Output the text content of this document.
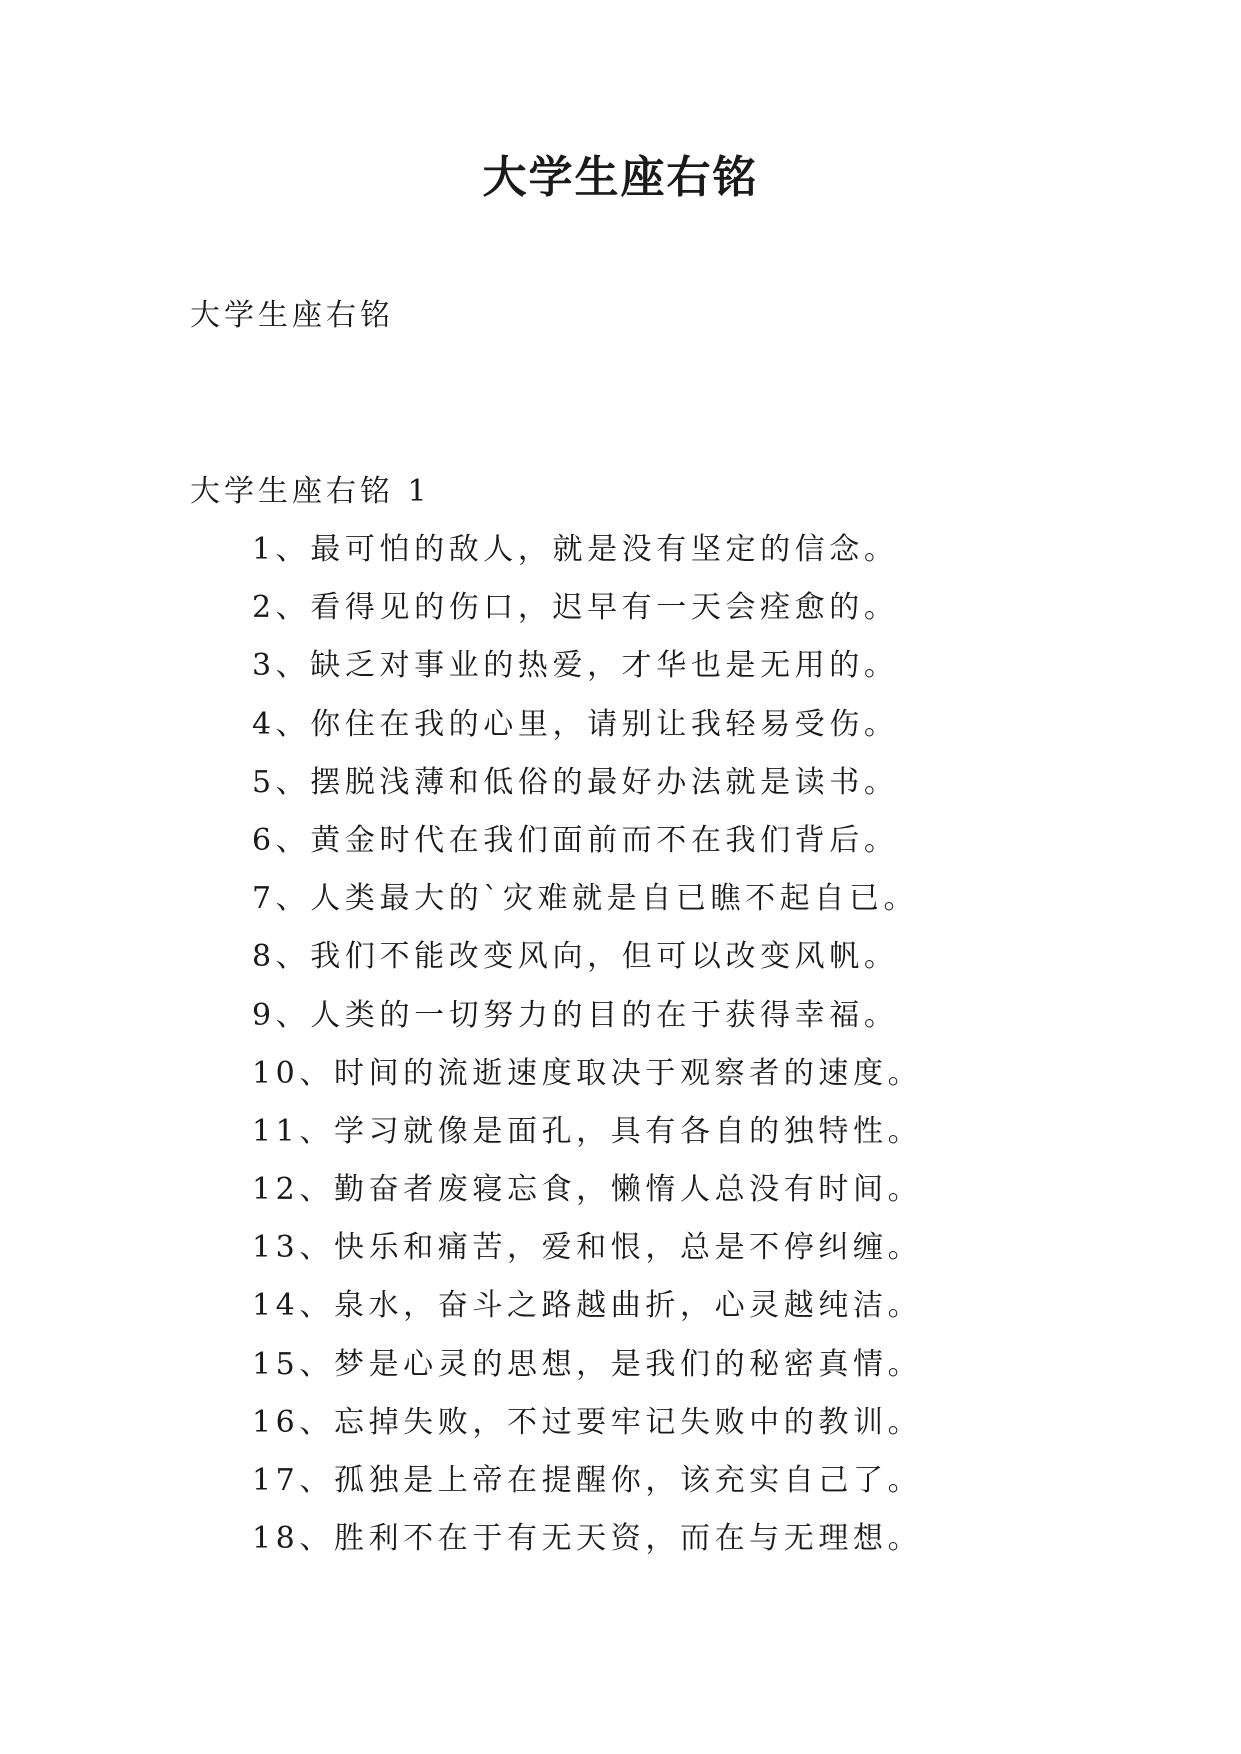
大学生座右铭

大学生座右铭

大学生座右铭 1

1、最可怕的敌人，就是没有坚定的信念。
2、看得见的伤口，迟早有一天会痊愈的。
3、缺乏对事业的热爱，才华也是无用的。
4、你住在我的心里，请别让我轻易受伤。
5、摆脱浅薄和低俗的最好办法就是读书。
6、黄金时代在我们面前而不在我们背后。
7、人类最大的`灾难就是自已瞧不起自已。
8、我们不能改变风向，但可以改变风帆。
9、人类的一切努力的目的在于获得幸福。
10、时间的流逝速度取决于观察者的速度。
11、学习就像是面孔，具有各自的独特性。
12、勤奋者废寝忘食，懒惰人总没有时间。
13、快乐和痛苦，爱和恨，总是不停纠缠。
14、泉水，奋斗之路越曲折，心灵越纯洁。
15、梦是心灵的思想，是我们的秘密真情。
16、忘掉失败，不过要牢记失败中的教训。
17、孤独是上帝在提醒你，该充实自己了。
18、胜利不在于有无天资，而在与无理想。
